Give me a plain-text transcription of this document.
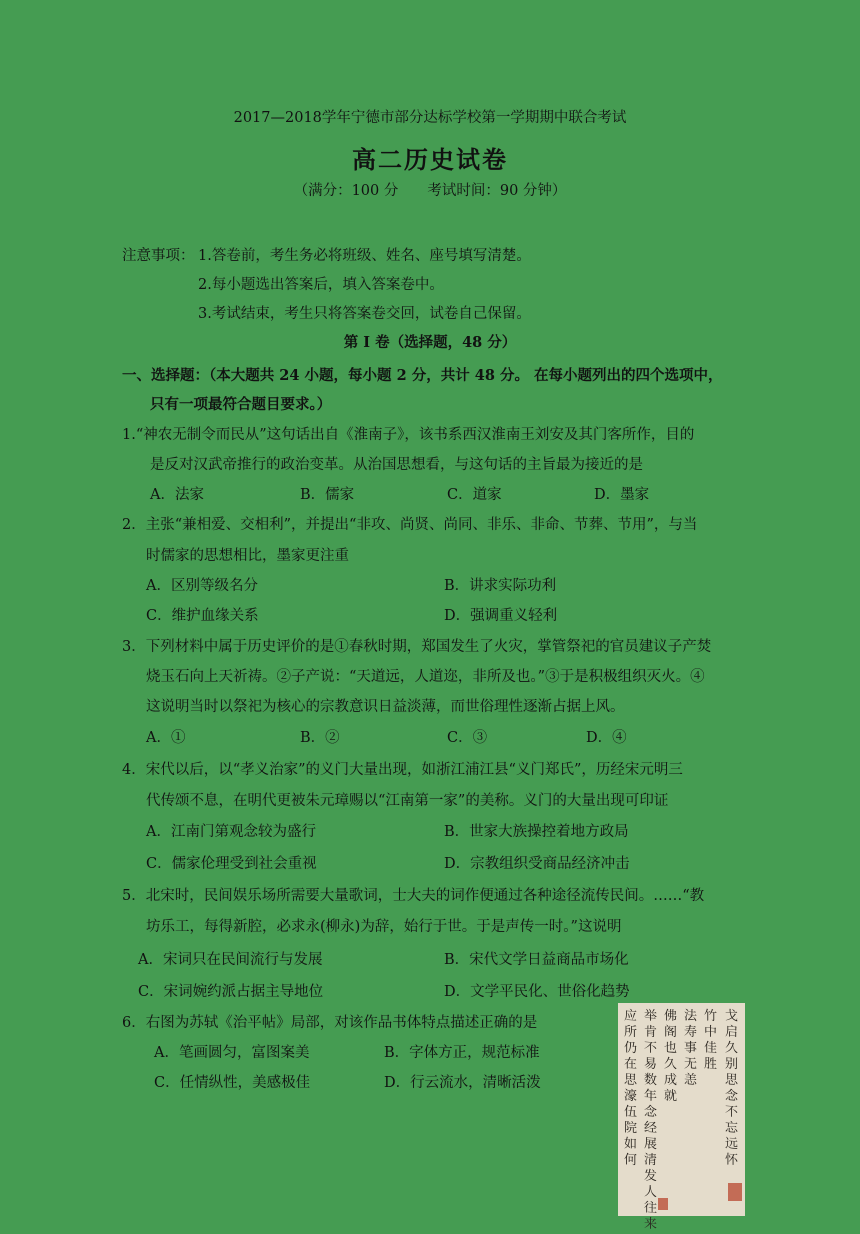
2017—2018学年宁德市部分达标学校第一学期期中联合考试
高二历史试卷
（满分：100 分　　考试时间：90 分钟）
注意事项： 1.答卷前，考生务必将班级、姓名、座号填写清楚。
2.每小题选出答案后，填入答案卷中。
3.考试结束，考生只将答案卷交回，试卷自己保留。
第 I 卷（选择题，48 分）
一、选择题：（本大题共 24 小题，每小题 2 分，共计 48 分。 在每小题列出的四个选项中，
只有一项最符合题目要求。）
1.“神农无制令而民从”这句话出自《淮南子》，该书系西汉淮南王刘安及其门客所作，目的
是反对汉武帝推行的政治变革。从治国思想看，与这句话的主旨最为接近的是
A．法家	B．儒家	C．道家	D．墨家
2．主张“兼相爱、交相利”，并提出“非攻、尚贤、尚同、非乐、非命、节葬、节用”，与当
时儒家的思想相比，墨家更注重
A．区别等级名分	B．讲求实际功利
C．维护血缘关系	D．强调重义轻利
3．下列材料中属于历史评价的是①春秋时期，郑国发生了火灾，掌管祭祀的官员建议子产焚
烧玉石向上天祈祷。②子产说：“天道远，人道迩，非所及也。”③于是积极组织灭火。④
这说明当时以祭祀为核心的宗教意识日益淡薄，而世俗理性逐渐占据上风。
A．①	B．②	C．③	D．④
4．宋代以后，以“孝义治家”的义门大量出现，如浙江浦江县“义门郑氏”，历经宋元明三
代传颂不息，在明代更被朱元璋赐以“江南第一家”的美称。义门的大量出现可印证
A．江南门第观念较为盛行	B．世家大族操控着地方政局
C．儒家伦理受到社会重视	D．宗教组织受商品经济冲击
5．北宋时，民间娱乐场所需要大量歌词，士大夫的词作便通过各种途径流传民间。……“教
坊乐工，每得新腔，必求永(柳永)为辞，始行于世。于是声传一时。”这说明
A．宋词只在民间流行与发展	B．宋代文学日益商品市场化
C．宋词婉约派占据主导地位	D．文学平民化、世俗化趋势
6．右图为苏轼《治平帖》局部，对该作品书体特点描述正确的是
A．笔画圆匀，富图案美	B．字体方正，规范标准
C．任情纵性，美感极佳	D．行云流水，清晰活泼
戈启久别思念不忘远怀
竹中佳胜
法寿事无恙
佛阁也久成就
举肯不易数年念经展清发人往来
应所仍在思濠伍院如何
